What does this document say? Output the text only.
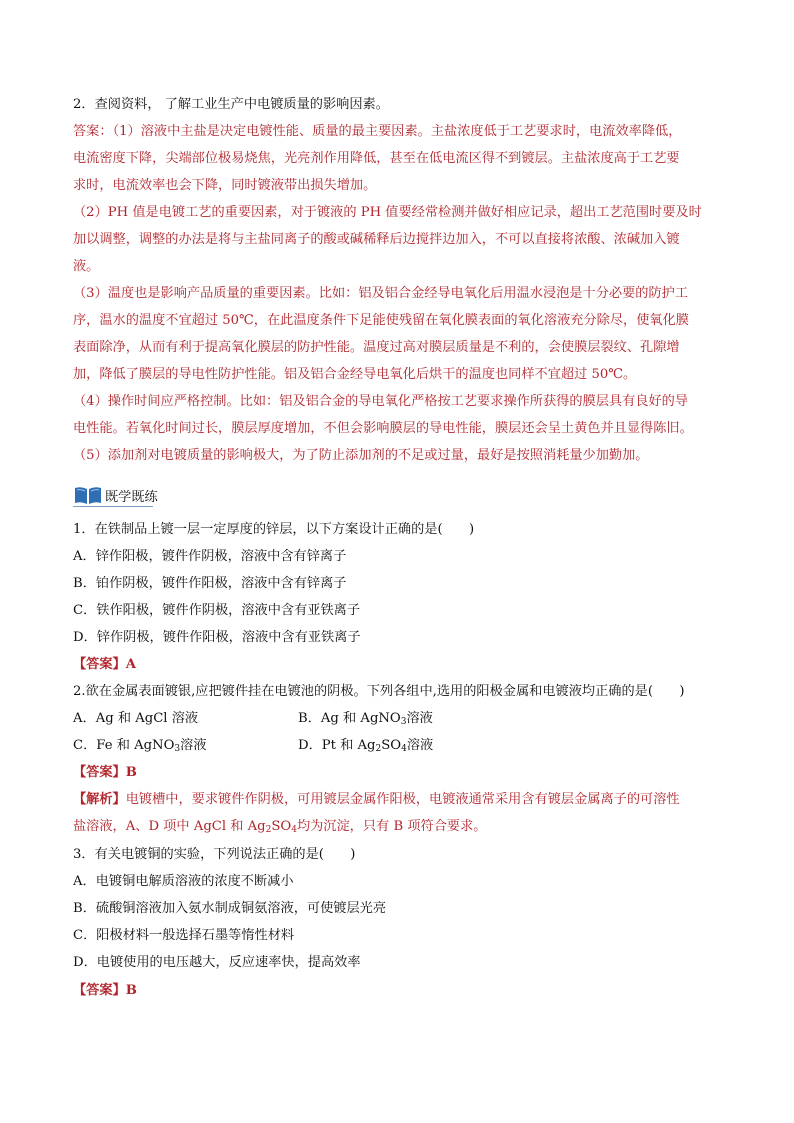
2．查阅资料， 了解工业生产中电镀质量的影响因素。
答案：（1）溶液中主盐是决定电镀性能、质量的最主要因素。主盐浓度低于工艺要求时，电流效率降低，
电流密度下降，尖端部位极易烧焦，光亮剂作用降低，甚至在低电流区得不到镀层。主盐浓度高于工艺要
求时，电流效率也会下降，同时镀液带出损失增加。
（2）PH 值是电镀工艺的重要因素，对于镀液的 PH 值要经常检测并做好相应记录，超出工艺范围时要及时
加以调整，调整的办法是将与主盐同离子的酸或碱稀释后边搅拌边加入，不可以直接将浓酸、浓碱加入镀
液。
（3）温度也是影响产品质量的重要因素。比如：铝及铝合金经导电氧化后用温水浸泡是十分必要的防护工
序，温水的温度不宜超过 50℃，在此温度条件下足能使残留在氧化膜表面的氧化溶液充分除尽，使氧化膜
表面除净，从而有利于提高氧化膜层的防护性能。温度过高对膜层质量是不利的，会使膜层裂纹、孔隙增
加，降低了膜层的导电性防护性能。铝及铝合金经导电氧化后烘干的温度也同样不宜超过 50℃。
（4）操作时间应严格控制。比如：铝及铝合金的导电氧化严格按工艺要求操作所获得的膜层具有良好的导
电性能。若氧化时间过长，膜层厚度增加，不但会影响膜层的导电性能，膜层还会呈土黄色并且显得陈旧。
（5）添加剂对电镀质量的影响极大，为了防止添加剂的不足或过量，最好是按照消耗量少加勤加。
既学既练
1．在铁制品上镀一层一定厚度的锌层，以下方案设计正确的是(　　)
A．锌作阳极，镀件作阴极，溶液中含有锌离子
B．铂作阴极，镀件作阳极，溶液中含有锌离子
C．铁作阳极，镀件作阴极，溶液中含有亚铁离子
D．锌作阴极，镀件作阳极，溶液中含有亚铁离子
【答案】A
2.欲在金属表面镀银,应把镀件挂在电镀池的阴极。下列各组中,选用的阳极金属和电镀液均正确的是(　　)
A．Ag 和 AgCl 溶液	B．Ag 和 AgNO$_3$溶液
C．Fe 和 AgNO$_3$溶液	D．Pt 和 $Ag_2SO_4$溶液
【答案】B
【解析】电镀槽中，要求镀件作阴极，可用镀层金属作阳极，电镀液通常采用含有镀层金属离子的可溶性
盐溶液，A、D 项中 AgCl 和 $Ag_2SO_4$均为沉淀，只有 B 项符合要求。
3．有关电镀铜的实验，下列说法正确的是(　　)
A．电镀铜电解质溶液的浓度不断减小
B．硫酸铜溶液加入氨水制成铜氨溶液，可使镀层光亮
C．阳极材料一般选择石墨等惰性材料
D．电镀使用的电压越大，反应速率快，提高效率
【答案】B
